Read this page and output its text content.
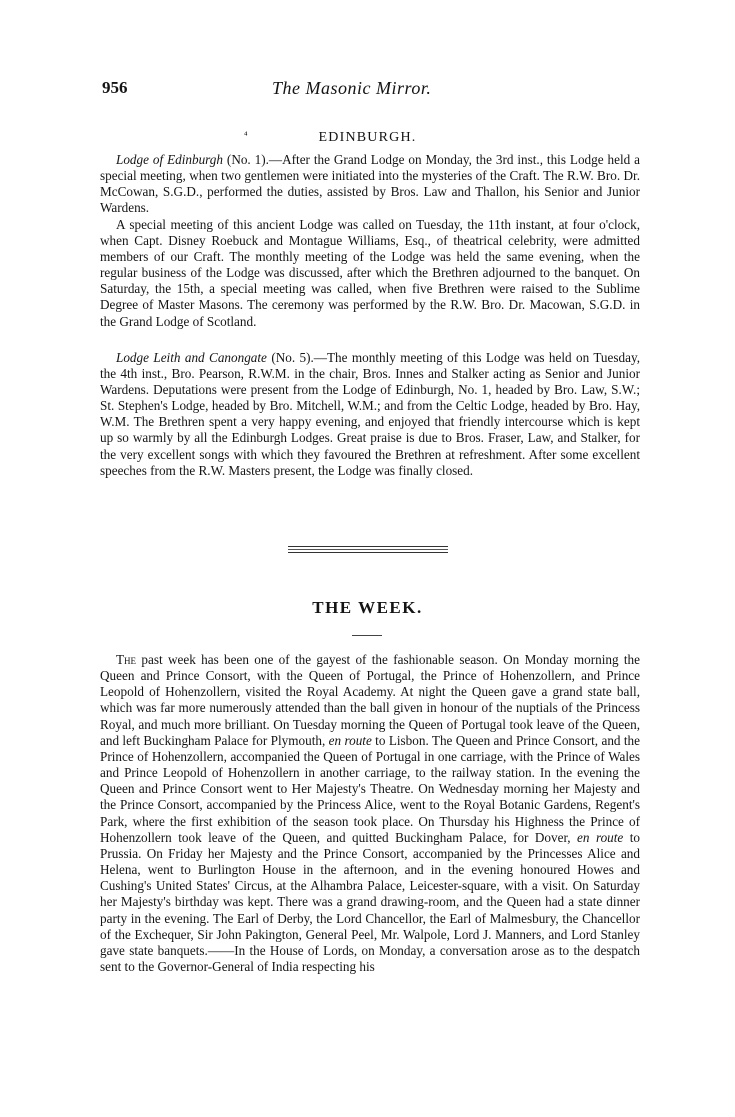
956	The Masonic Mirror.
⁴	EDINBURGH.

Lodge of Edinburgh (No. 1).—After the Grand Lodge on Monday, the 3rd inst., this Lodge held a special meeting, when two gentlemen were initiated into the mysteries of the Craft. The R.W. Bro. Dr. McCowan, S.G.D., performed the duties, assisted by Bros. Law and Thallon, his Senior and Junior Wardens.

A special meeting of this ancient Lodge was called on Tuesday, the 11th instant, at four o'clock, when Capt. Disney Roebuck and Montague Williams, Esq., of theatrical celebrity, were admitted members of our Craft. The monthly meeting of the Lodge was held the same evening, when the regular business of the Lodge was discussed, after which the Brethren adjourned to the banquet. On Saturday, the 15th, a special meeting was called, when five Brethren were raised to the Sublime Degree of Master Masons. The ceremony was performed by the R.W. Bro. Dr. Macowan, S.G.D. in the Grand Lodge of Scotland.

Lodge Leith and Canongate (No. 5).—The monthly meeting of this Lodge was held on Tuesday, the 4th inst., Bro. Pearson, R.W.M. in the chair, Bros. Innes and Stalker acting as Senior and Junior Wardens. Deputations were present from the Lodge of Edinburgh, No. 1, headed by Bro. Law, S.W.; St. Stephen's Lodge, headed by Bro. Mitchell, W.M.; and from the Celtic Lodge, headed by Bro. Hay, W.M. The Brethren spent a very happy evening, and enjoyed that friendly intercourse which is kept up so warmly by all the Edinburgh Lodges. Great praise is due to Bros. Fraser, Law, and Stalker, for the very excellent songs with which they favoured the Brethren at refreshment. After some excellent speeches from the R.W. Masters present, the Lodge was finally closed.

THE WEEK.

The past week has been one of the gayest of the fashionable season. On Monday morning the Queen and Prince Consort, with the Queen of Portugal, the Prince of Hohenzollern, and Prince Leopold of Hohenzollern, visited the Royal Academy. At night the Queen gave a grand state ball, which was far more numerously attended than the ball given in honour of the nuptials of the Princess Royal, and much more brilliant. On Tuesday morning the Queen of Portugal took leave of the Queen, and left Buckingham Palace for Plymouth, en route to Lisbon. The Queen and Prince Consort, and the Prince of Hohenzollern, accompanied the Queen of Portugal in one carriage, with the Prince of Wales and Prince Leopold of Hohenzollern in another carriage, to the railway station. In the evening the Queen and Prince Consort went to Her Majesty's Theatre. On Wednesday morning her Majesty and the Prince Consort, accompanied by the Princess Alice, went to the Royal Botanic Gardens, Regent's Park, where the first exhibition of the season took place. On Thursday his Highness the Prince of Hohenzollern took leave of the Queen, and quitted Buckingham Palace, for Dover, en route to Prussia. On Friday her Majesty and the Prince Consort, accompanied by the Princesses Alice and Helena, went to Burlington House in the afternoon, and in the evening honoured Howes and Cushing's United States' Circus, at the Alhambra Palace, Leicester-square, with a visit. On Saturday her Majesty's birthday was kept. There was a grand drawing-room, and the Queen had a state dinner party in the evening. The Earl of Derby, the Lord Chancellor, the Earl of Malmesbury, the Chancellor of the Exchequer, Sir John Pakington, General Peel, Mr. Walpole, Lord J. Manners, and Lord Stanley gave state banquets.——In the House of Lords, on Monday, a conversation arose as to the despatch sent to the Governor-General of India respecting his
